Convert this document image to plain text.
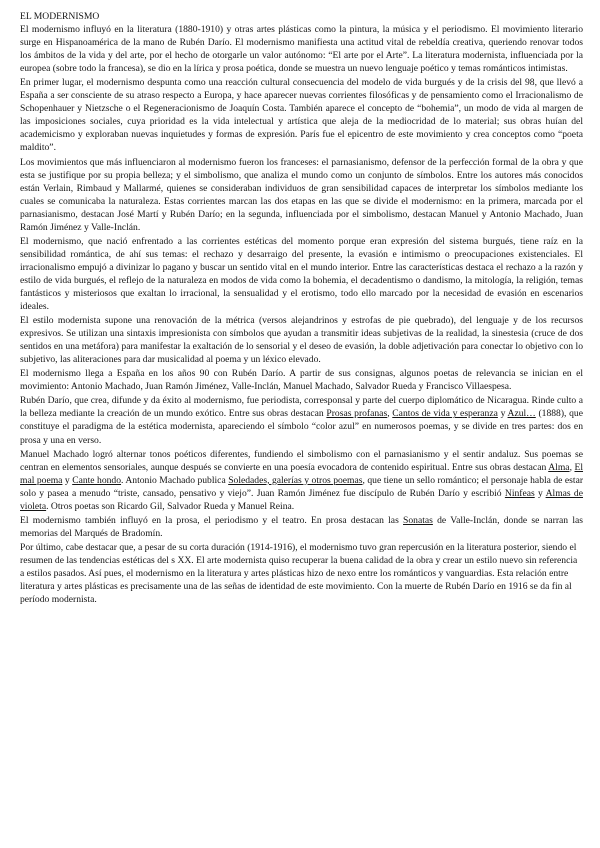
EL MODERNISMO

El modernismo influyó en la literatura (1880-1910) y otras artes plásticas como la pintura, la música y el periodismo. El movimiento literario surge en Hispanoamérica de la mano de Rubén Darío. El modernismo manifiesta una actitud vital de rebeldía creativa, queriendo renovar todos los ámbitos de la vida y del arte, por el hecho de otorgarle un valor autónomo: “El arte por el Arte”. La literatura modernista, influenciada por la europea (sobre todo la francesa), se dio en la lírica y prosa poética, donde se muestra un nuevo lenguaje poético y temas románticos intimistas.

En primer lugar, el modernismo despunta como una reacción cultural consecuencia del modelo de vida burgués y de la crisis del 98, que llevó a España a ser consciente de su atraso respecto a Europa, y hace aparecer nuevas corrientes filosóficas y de pensamiento como el Irracionalismo de Schopenhauer y Nietzsche o el Regeneracionismo de Joaquín Costa. También aparece el concepto de “bohemia”, un modo de vida al margen de las imposiciones sociales, cuya prioridad es la vida intelectual y artística que aleja de la mediocridad de lo material; sus obras huían del academicismo y exploraban nuevas inquietudes y formas de expresión. París fue el epicentro de este movimiento y crea conceptos como “poeta maldito”.

Los movimientos que más influenciaron al modernismo fueron los franceses: el parnasianismo, defensor de la perfección formal de la obra y que esta se justifique por su propia belleza; y el simbolismo, que analiza el mundo como un conjunto de símbolos. Entre los autores más conocidos están Verlain, Rimbaud y Mallarmé, quienes se consideraban individuos de gran sensibilidad capaces de interpretar los símbolos mediante los cuales se comunicaba la naturaleza. Estas corrientes marcan las dos etapas en las que se divide el modernismo: en la primera, marcada por el parnasianismo, destacan José Martí y Rubén Darío; en la segunda, influenciada por el simbolismo, destacan Manuel y Antonio Machado, Juan Ramón Jiménez y Valle-Inclán.

El modernismo, que nació enfrentado a las corrientes estéticas del momento porque eran expresión del sistema burgués, tiene raíz en la sensibilidad romántica, de ahí sus temas: el rechazo y desarraigo del presente, la evasión e intimismo o preocupaciones existenciales. El irracionalismo empujó a divinizar lo pagano y buscar un sentido vital en el mundo interior. Entre las características destaca el rechazo a la razón y estilo de vida burgués, el reflejo de la naturaleza en modos de vida como la bohemia, el decadentismo o dandismo, la mitología, la religión, temas fantásticos y misteriosos que exaltan lo irracional, la sensualidad y el erotismo, todo ello marcado por la necesidad de evasión en escenarios ideales.

El estilo modernista supone una renovación de la métrica (versos alejandrinos y estrofas de pie quebrado), del lenguaje y de los recursos expresivos. Se utilizan una sintaxis impresionista con símbolos que ayudan a transmitir ideas subjetivas de la realidad, la sinestesia (cruce de dos sentidos en una metáfora) para manifestar la exaltación de lo sensorial y el deseo de evasión, la doble adjetivación para conectar lo objetivo con lo subjetivo, las aliteraciones para dar musicalidad al poema y un léxico elevado.

El modernismo llega a España en los años 90 con Rubén Darío. A partir de sus consignas, algunos poetas de relevancia se inician en el movimiento: Antonio Machado, Juan Ramón Jiménez, Valle-Inclán, Manuel Machado, Salvador Rueda y Francisco Villaespesa.

Rubén Darío, que crea, difunde y da éxito al modernismo, fue periodista, corresponsal y parte del cuerpo diplomático de Nicaragua. Rinde culto a la belleza mediante la creación de un mundo exótico. Entre sus obras destacan Prosas profanas, Cantos de vida y esperanza y Azul… (1888), que constituye el paradigma de la estética modernista, apareciendo el símbolo “color azul” en numerosos poemas, y se divide en tres partes: dos en prosa y una en verso.

Manuel Machado logró alternar tonos poéticos diferentes, fundiendo el simbolismo con el parnasianismo y el sentir andaluz. Sus poemas se centran en elementos sensoriales, aunque después se convierte en una poesía evocadora de contenido espiritual. Entre sus obras destacan Alma, El mal poema y Cante hondo. Antonio Machado publica Soledades, galerías y otros poemas, que tiene un sello romántico; el personaje habla de estar solo y pasea a menudo “triste, cansado, pensativo y viejo”. Juan Ramón Jiménez fue discípulo de Rubén Darío y escribió Ninfeas y Almas de violeta. Otros poetas son Ricardo Gil, Salvador Rueda y Manuel Reina.

El modernismo también influyó en la prosa, el periodismo y el teatro. En prosa destacan las Sonatas de Valle-Inclán, donde se narran las memorias del Marqués de Bradomín.

Por último, cabe destacar que, a pesar de su corta duración (1914-1916), el modernismo tuvo gran repercusión en la literatura posterior, siendo el resumen de las tendencias estéticas del s XX. El arte modernista quiso recuperar la buena calidad de la obra y crear un estilo nuevo sin referencia a estilos pasados. Así pues, el modernismo en la literatura y artes plásticas hizo de nexo entre los románticos y vanguardias. Esta relación entre literatura y artes plásticas es precisamente una de las señas de identidad de este movimiento. Con la muerte de Rubén Darío en 1916 se da fin al período modernista.
